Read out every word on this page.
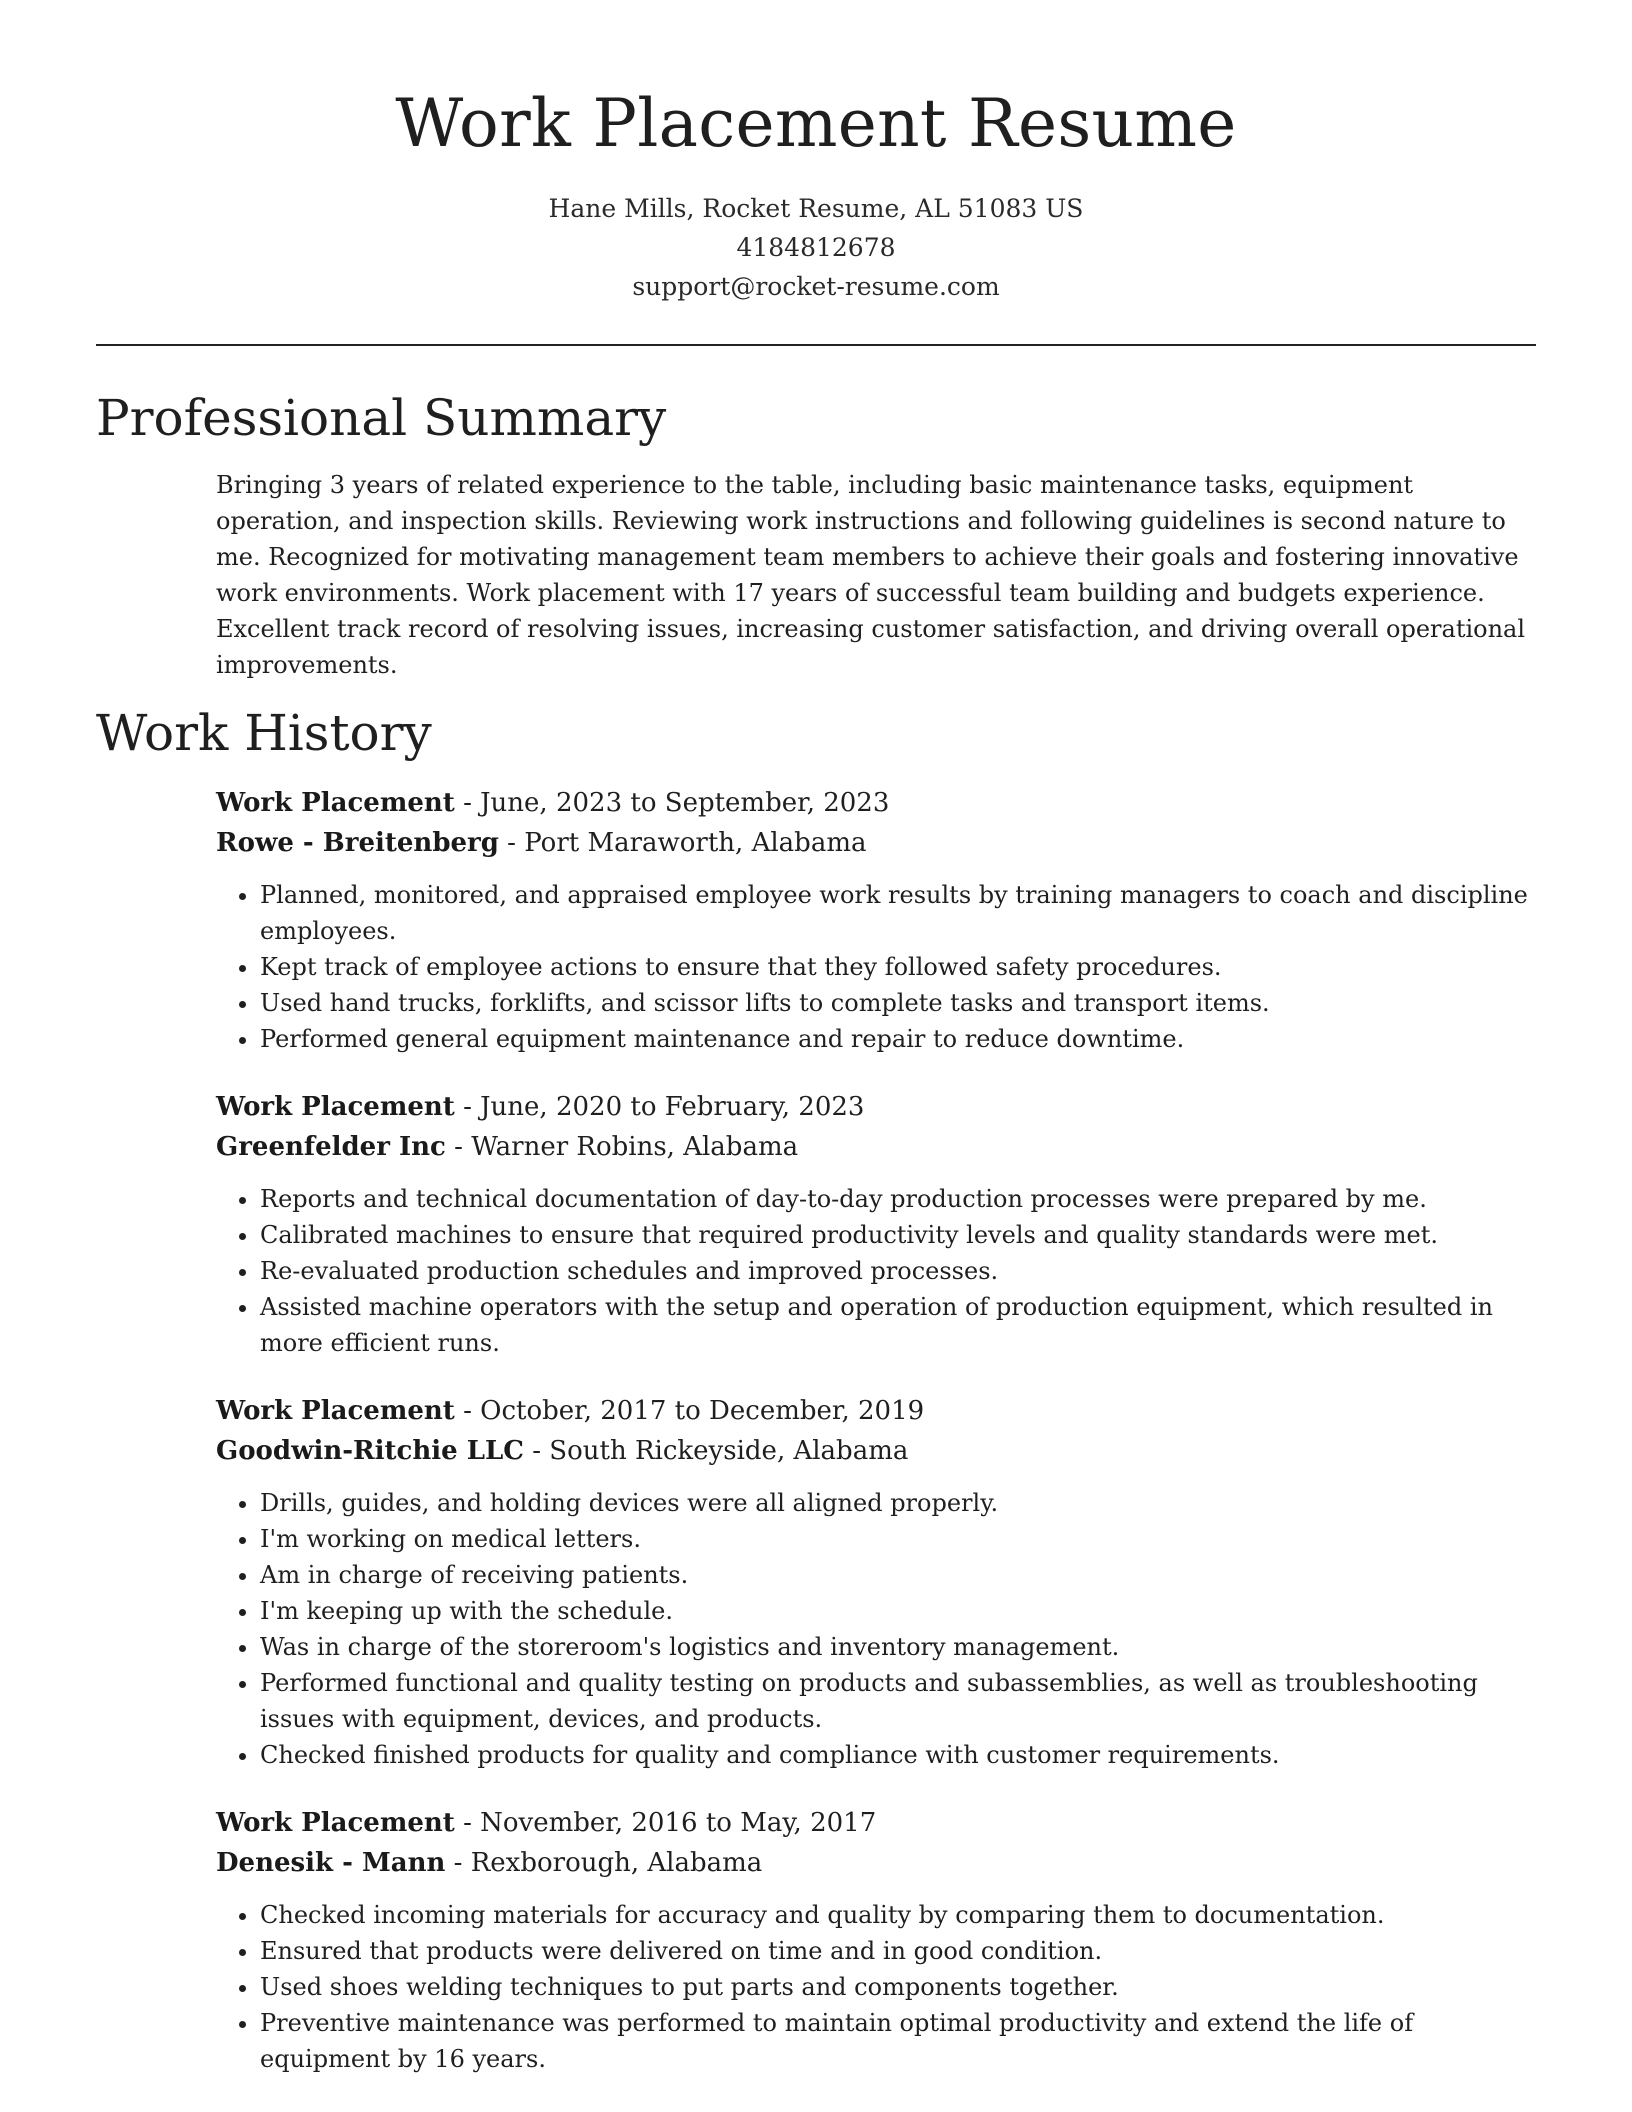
Work Placement Resume
Hane Mills, Rocket Resume, AL 51083 US
4184812678
support@rocket-resume.com
Professional Summary

Bringing 3 years of related experience to the table, including basic maintenance tasks, equipment operation, and inspection skills. Reviewing work instructions and following guidelines is second nature to me. Recognized for motivating management team members to achieve their goals and fostering innovative work environments. Work placement with 17 years of successful team building and budgets experience. Excellent track record of resolving issues, increasing customer satisfaction, and driving overall operational improvements.

Work History
Work Placement - June, 2023 to September, 2023
Rowe - Breitenberg - Port Maraworth, Alabama
• Planned, monitored, and appraised employee work results by training managers to coach and discipline employees.
• Kept track of employee actions to ensure that they followed safety procedures.
• Used hand trucks, forklifts, and scissor lifts to complete tasks and transport items.
• Performed general equipment maintenance and repair to reduce downtime.
Work Placement - June, 2020 to February, 2023
Greenfelder Inc - Warner Robins, Alabama
• Reports and technical documentation of day-to-day production processes were prepared by me.
• Calibrated machines to ensure that required productivity levels and quality standards were met.
• Re-evaluated production schedules and improved processes.
• Assisted machine operators with the setup and operation of production equipment, which resulted in more efficient runs.
Work Placement - October, 2017 to December, 2019
Goodwin-Ritchie LLC - South Rickeyside, Alabama
• Drills, guides, and holding devices were all aligned properly.
• I'm working on medical letters.
• Am in charge of receiving patients.
• I'm keeping up with the schedule.
• Was in charge of the storeroom's logistics and inventory management.
• Performed functional and quality testing on products and subassemblies, as well as troubleshooting issues with equipment, devices, and products.
• Checked finished products for quality and compliance with customer requirements.
Work Placement - November, 2016 to May, 2017
Denesik - Mann - Rexborough, Alabama
• Checked incoming materials for accuracy and quality by comparing them to documentation.
• Ensured that products were delivered on time and in good condition.
• Used shoes welding techniques to put parts and components together.
• Preventive maintenance was performed to maintain optimal productivity and extend the life of equipment by 16 years.
